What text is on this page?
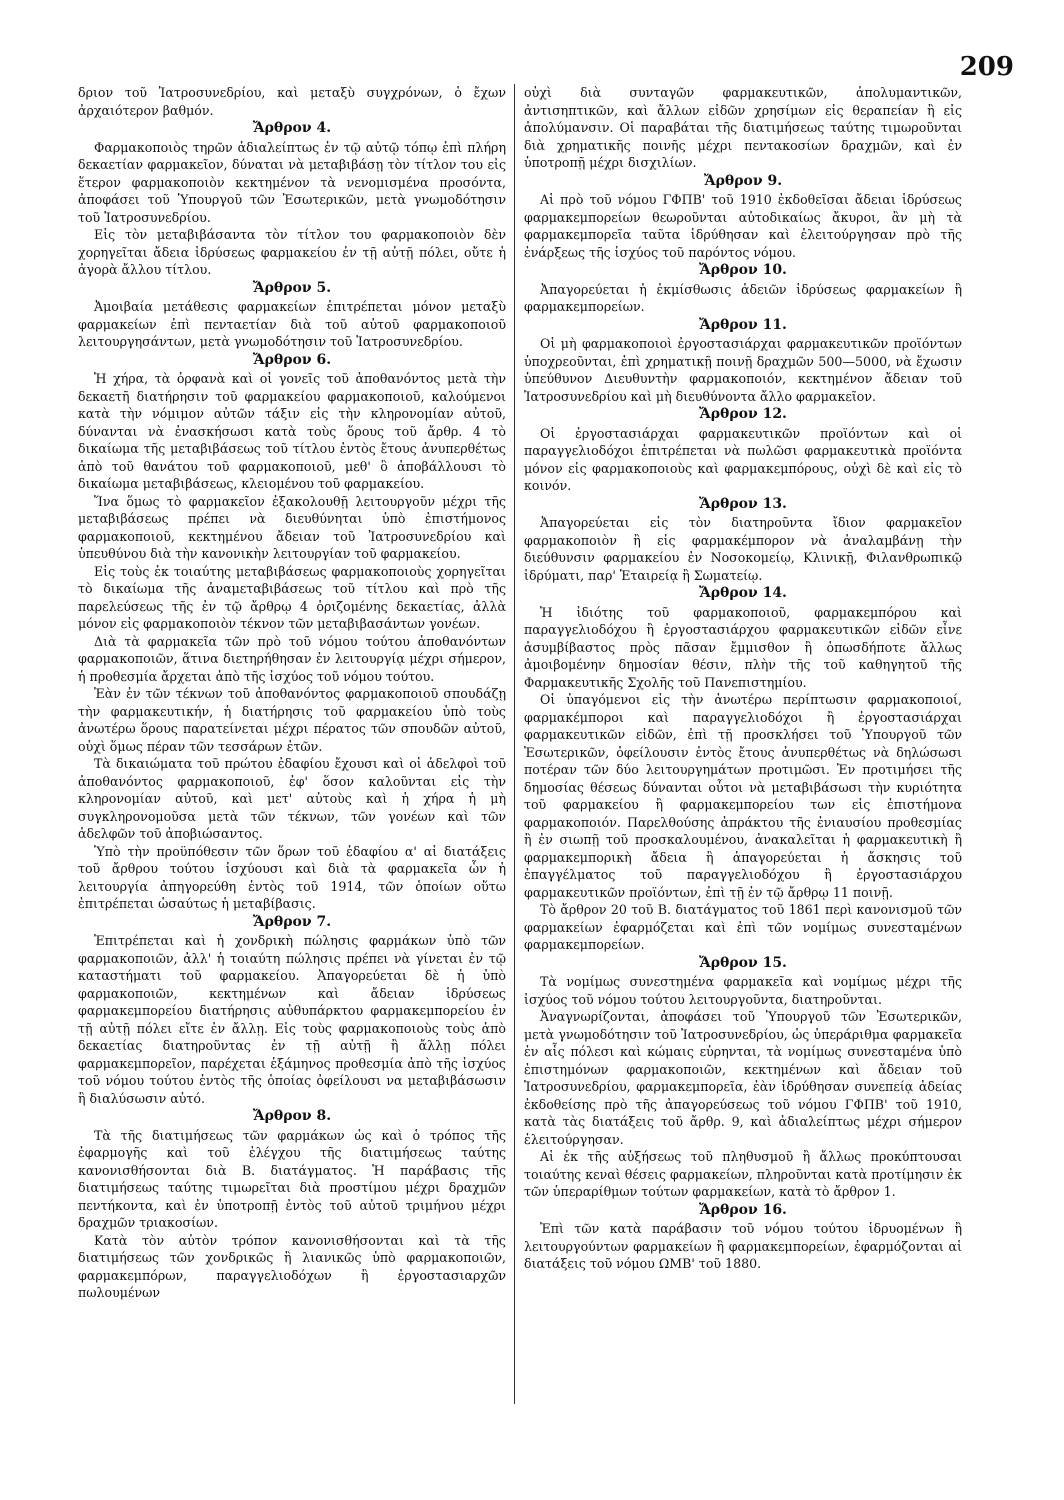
209

δριον τοῦ Ἰατροσυνεδρίου, καὶ μεταξὺ συγχρόνων, ὁ ἔχων ἀρχαιότερον βαθμόν.

Ἄρθρον 4.

Φαρμακοποιὸς τηρῶν ἀδιαλείπτως ἐν τῷ αὐτῷ τόπῳ ἐπὶ πλήρη δεκαετίαν φαρμακεῖον, δύναται νὰ μεταβιβάσῃ τὸν τίτλον του εἰς ἕτερον φαρμακοποιὸν κεκτημένον τὰ νενομισμένα προσόντα, ἀποφάσει τοῦ Ὑπουργοῦ τῶν Ἐσωτερικῶν, μετὰ γνωμοδότησιν τοῦ Ἰατροσυνεδρίου.

Εἰς τὸν μεταβιβάσαντα τὸν τίτλον του φαρμακοποιὸν δὲν χορηγεῖται ἄδεια ἱδρύσεως φαρμακείου ἐν τῇ αὐτῇ πόλει, οὔτε ἡ ἀγορὰ ἄλλου τίτλου.

Ἄρθρον 5.

Ἀμοιβαία μετάθεσις φαρμακείων ἐπιτρέπεται μόνον μεταξὺ φαρμακείων ἐπὶ πενταετίαν διὰ τοῦ αὐτοῦ φαρμακοποιοῦ λειτουργησάντων, μετὰ γνωμοδότησιν τοῦ Ἰατροσυνεδρίου.

Ἄρθρον 6.

Ἡ χήρα, τὰ ὀρφανὰ καὶ οἱ γονεῖς τοῦ ἀποθανόντος μετὰ τὴν δεκαετῆ διατήρησιν τοῦ φαρμακείου φαρμακοποιοῦ, καλούμενοι κατὰ τὴν νόμιμον αὐτῶν τάξιν εἰς τὴν κληρονομίαν αὐτοῦ, δύνανται νὰ ἐνασκήσωσι κατὰ τοὺς ὅρους τοῦ ἄρθρ. 4 τὸ δικαίωμα τῆς μεταβιβάσεως τοῦ τίτλου ἐντὸς ἔτους ἀνυπερθέτως ἀπὸ τοῦ θανάτου τοῦ φαρμακοποιοῦ, μεθ' ὃ ἀποβάλλουσι τὸ δικαίωμα μεταβιβάσεως, κλειομένου τοῦ φαρμακείου.

Ἵνα ὅμως τὸ φαρμακεῖον ἐξακολουθῇ λειτουργοῦν μέχρι τῆς μεταβιβάσεως πρέπει νὰ διευθύνηται ὑπὸ ἐπιστήμονος φαρμακοποιοῦ, κεκτημένου ἄδειαν τοῦ Ἰατροσυνεδρίου καὶ ὑπευθύνου διὰ τὴν κανονικὴν λειτουργίαν τοῦ φαρμακείου.

Εἰς τοὺς ἐκ τοιαύτης μεταβιβάσεως φαρμακοποιοὺς χορηγεῖται τὸ δικαίωμα τῆς ἀναμεταβιβάσεως τοῦ τίτλου καὶ πρὸ τῆς παρελεύσεως τῆς ἐν τῷ ἄρθρῳ 4 ὁριζομένης δεκαετίας, ἀλλὰ μόνον εἰς φαρμακοποιὸν τέκνον τῶν μεταβιβασάντων γονέων.

Διὰ τὰ φαρμακεῖα τῶν πρὸ τοῦ νόμου τούτου ἀποθανόντων φαρμακοποιῶν, ἅτινα διετηρήθησαν ἐν λειτουργίᾳ μέχρι σήμερον, ἡ προθεσμία ἄρχεται ἀπὸ τῆς ἰσχύος τοῦ νόμου τούτου.

Ἐὰν ἐν τῶν τέκνων τοῦ ἀποθανόντος φαρμακοποιοῦ σπουδάζῃ τὴν φαρμακευτικήν, ἡ διατήρησις τοῦ φαρμακείου ὑπὸ τοὺς ἀνωτέρω ὅρους παρατείνεται μέχρι πέρατος τῶν σπουδῶν αὐτοῦ, οὐχὶ ὅμως πέραν τῶν τεσσάρων ἐτῶν.

Τὰ δικαιώματα τοῦ πρώτου ἐδαφίου ἔχουσι καὶ οἱ ἀδελφοὶ τοῦ ἀποθανόντος φαρμακοποιοῦ, ἐφ' ὅσον καλοῦνται εἰς τὴν κληρονομίαν αὐτοῦ, καὶ μετ' αὐτοὺς καὶ ἡ χήρα ἡ μὴ συγκληρονομοῦσα μετὰ τῶν τέκνων, τῶν γονέων καὶ τῶν ἀδελφῶν τοῦ ἀποβιώσαντος.

Ὑπὸ τὴν προϋπόθεσιν τῶν ὅρων τοῦ ἐδαφίου α' αἱ διατάξεις τοῦ ἄρθρου τούτου ἰσχύουσι καὶ διὰ τὰ φαρμακεῖα ὧν ἡ λειτουργία ἀπηγορεύθη ἐντὸς τοῦ 1914, τῶν ὁποίων οὕτω ἐπιτρέπεται ὡσαύτως ἡ μεταβίβασις.

Ἄρθρον 7.

Ἐπιτρέπεται καὶ ἡ χονδρικὴ πώλησις φαρμάκων ὑπὸ τῶν φαρμακοποιῶν, ἀλλ' ἡ τοιαύτη πώλησις πρέπει νὰ γίνεται ἐν τῷ καταστήματι τοῦ φαρμακείου. Ἀπαγορεύεται δὲ ἡ ὑπὸ φαρμακοποιῶν, κεκτημένων καὶ ἄδειαν ἱδρύσεως φαρμακεμπορείου διατήρησις αὐθυπάρκτου φαρμακεμπορείου ἐν τῇ αὐτῇ πόλει εἴτε ἐν ἄλλῃ. Εἰς τοὺς φαρμακοποιοὺς τοὺς ἀπὸ δεκαετίας διατηροῦντας ἐν τῇ αὐτῇ ἢ ἄλλῃ πόλει φαρμακεμπορεῖον, παρέχεται ἑξάμηνος προθεσμία ἀπὸ τῆς ἰσχύος τοῦ νόμου τούτου ἐντὸς τῆς ὁποίας ὀφείλουσι να μεταβιβάσωσιν ἢ διαλύσωσιν αὐτό.

Ἄρθρον 8.

Τὰ τῆς διατιμήσεως τῶν φαρμάκων ὡς καὶ ὁ τρόπος τῆς ἐφαρμογῆς καὶ τοῦ ἐλέγχου τῆς διατιμήσεως ταύτης κανονισθήσονται διὰ Β. διατάγματος. Ἡ παράβασις τῆς διατιμήσεως ταύτης τιμωρεῖται διὰ προστίμου μέχρι δραχμῶν πεντήκοντα, καὶ ἐν ὑποτροπῇ ἐντὸς τοῦ αὐτοῦ τριμήνου μέχρι δραχμῶν τριακοσίων.

Κατὰ τὸν αὐτὸν τρόπον κανονισθήσονται καὶ τὰ τῆς διατιμήσεως τῶν χονδρικῶς ἢ λιανικῶς ὑπὸ φαρμακοποιῶν, φαρμακεμπόρων, παραγγελιοδόχων ἢ ἐργοστασιαρχῶν πωλουμένων

οὐχὶ διὰ συνταγῶν φαρμακευτικῶν, ἀπολυμαντικῶν, ἀντισηπτικῶν, καὶ ἄλλων εἰδῶν χρησίμων εἰς θεραπείαν ἢ εἰς ἀπολύμανσιν. Οἱ παραβάται τῆς διατιμήσεως ταύτης τιμωροῦνται διὰ χρηματικῆς ποινῆς μέχρι πεντακοσίων δραχμῶν, καὶ ἐν ὑποτροπῇ μέχρι δισχιλίων.

Ἄρθρον 9.

Αἱ πρὸ τοῦ νόμου ΓΦΠΒ' τοῦ 1910 ἐκδοθεῖσαι ἄδειαι ἱδρύσεως φαρμακεμπορείων θεωροῦνται αὐτοδικαίως ἄκυροι, ἂν μὴ τὰ φαρμακεμπορεῖα ταῦτα ἱδρύθησαν καὶ ἐλειτούργησαν πρὸ τῆς ἐνάρξεως τῆς ἰσχύος τοῦ παρόντος νόμου.

Ἄρθρον 10.

Ἀπαγορεύεται ἡ ἐκμίσθωσις ἀδειῶν ἱδρύσεως φαρμακείων ἢ φαρμακεμπορείων.

Ἄρθρον 11.

Οἱ μὴ φαρμακοποιοὶ ἐργοστασιάρχαι φαρμακευτικῶν προϊόντων ὑποχρεοῦνται, ἐπὶ χρηματικῇ ποινῇ δραχμῶν 500—5000, νὰ ἔχωσιν ὑπεύθυνον Διευθυντὴν φαρμακοποιόν, κεκτημένον ἄδειαν τοῦ Ἰατροσυνεδρίου καὶ μὴ διευθύνοντα ἄλλο φαρμακεῖον.

Ἄρθρον 12.

Οἱ ἐργοστασιάρχαι φαρμακευτικῶν προϊόντων καὶ οἱ παραγγελιοδόχοι ἐπιτρέπεται νὰ πωλῶσι φαρμακευτικὰ προϊόντα μόνον εἰς φαρμακοποιοὺς καὶ φαρμακεμπόρους, οὐχὶ δὲ καὶ εἰς τὸ κοινόν.

Ἄρθρον 13.

Ἀπαγορεύεται εἰς τὸν διατηροῦντα ἴδιον φαρμακεῖον φαρμακοποιὸν ἢ εἰς φαρμακέμπορον νὰ ἀναλαμβάνῃ τὴν διεύθυνσιν φαρμακείου ἐν Νοσοκομείῳ, Κλινικῇ, Φιλανθρωπικῷ ἱδρύματι, παρ' Ἑταιρείᾳ ἢ Σωματείῳ.

Ἄρθρον 14.

Ἡ ἰδιότης τοῦ φαρμακοποιοῦ, φαρμακεμπόρου καὶ παραγγελιοδόχου ἢ ἐργοστασιάρχου φαρμακευτικῶν εἰδῶν εἶνε ἀσυμβίβαστος πρὸς πᾶσαν ἔμμισθον ἢ ὁπωσδήποτε ἄλλως ἀμοιβομένην δημοσίαν θέσιν, πλὴν τῆς τοῦ καθηγητοῦ τῆς Φαρμακευτικῆς Σχολῆς τοῦ Πανεπιστημίου.

Οἱ ὑπαγόμενοι εἰς τὴν ἀνωτέρω περίπτωσιν φαρμακοποιοί, φαρμακέμποροι καὶ παραγγελιοδόχοι ἢ ἐργοστασιάρχαι φαρμακευτικῶν εἰδῶν, ἐπὶ τῇ προσκλήσει τοῦ Ὑπουργοῦ τῶν Ἐσωτερικῶν, ὀφείλουσιν ἐντὸς ἔτους ἀνυπερθέτως νὰ δηλώσωσι ποτέραν τῶν δύο λειτουργημάτων προτιμῶσι. Ἐν προτιμήσει τῆς δημοσίας θέσεως δύνανται οὗτοι νὰ μεταβιβάσωσι τὴν κυριότητα τοῦ φαρμακείου ἢ φαρμακεμπορείου των εἰς ἐπιστήμονα φαρμακοποιόν. Παρελθούσης ἀπράκτου τῆς ἐνιαυσίου προθεσμίας ἢ ἐν σιωπῇ τοῦ προσκαλουμένου, ἀνακαλεῖται ἡ φαρμακευτικὴ ἢ φαρμακεμπορικὴ ἄδεια ἢ ἀπαγορεύεται ἡ ἄσκησις τοῦ ἐπαγγέλματος τοῦ παραγγελιοδόχου ἢ ἐργοστασιάρχου φαρμακευτικῶν προϊόντων, ἐπὶ τῇ ἐν τῷ ἄρθρῳ 11 ποινῇ.

Τὸ ἄρθρον 20 τοῦ Β. διατάγματος τοῦ 1861 περὶ κανονισμοῦ τῶν φαρμακείων ἐφαρμόζεται καὶ ἐπὶ τῶν νομίμως συνεσταμένων φαρμακεμπορείων.

Ἄρθρον 15.

Τὰ νομίμως συνεστημένα φαρμακεῖα καὶ νομίμως μέχρι τῆς ἰσχύος τοῦ νόμου τούτου λειτουργοῦντα, διατηροῦνται.

Ἀναγνωρίζονται, ἀποφάσει τοῦ Ὑπουργοῦ τῶν Ἐσωτερικῶν, μετὰ γνωμοδότησιν τοῦ Ἰατροσυνεδρίου, ὡς ὑπεράριθμα φαρμακεῖα ἐν αἷς πόλεσι καὶ κώμαις εὑρηνται, τὰ νομίμως συνεσταμένα ὑπὸ ἐπιστημόνων φαρμακοποιῶν, κεκτημένων καὶ ἄδειαν τοῦ Ἰατροσυνεδρίου, φαρμακεμπορεῖα, ἐὰν ἱδρύθησαν συνεπείᾳ ἀδείας ἐκδοθείσης πρὸ τῆς ἀπαγορεύσεως τοῦ νόμου ΓΦΠΒ' τοῦ 1910, κατὰ τὰς διατάξεις τοῦ ἄρθρ. 9, καὶ ἀδιαλείπτως μέχρι σήμερον ἐλειτούργησαν.

Αἱ ἐκ τῆς αὐξήσεως τοῦ πληθυσμοῦ ἢ ἄλλως προκύπτουσαι τοιαύτης κεναὶ θέσεις φαρμακείων, πληροῦνται κατὰ προτίμησιν ἐκ τῶν ὑπεραρίθμων τούτων φαρμακείων, κατὰ τὸ ἄρθρον 1.

Ἄρθρον 16.

Ἐπὶ τῶν κατὰ παράβασιν τοῦ νόμου τούτου ἱδρυομένων ἢ λειτουργούντων φαρμακείων ἢ φαρμακεμπορείων, ἐφαρμόζονται αἱ διατάξεις τοῦ νόμου ΩΜΒ' τοῦ 1880.
